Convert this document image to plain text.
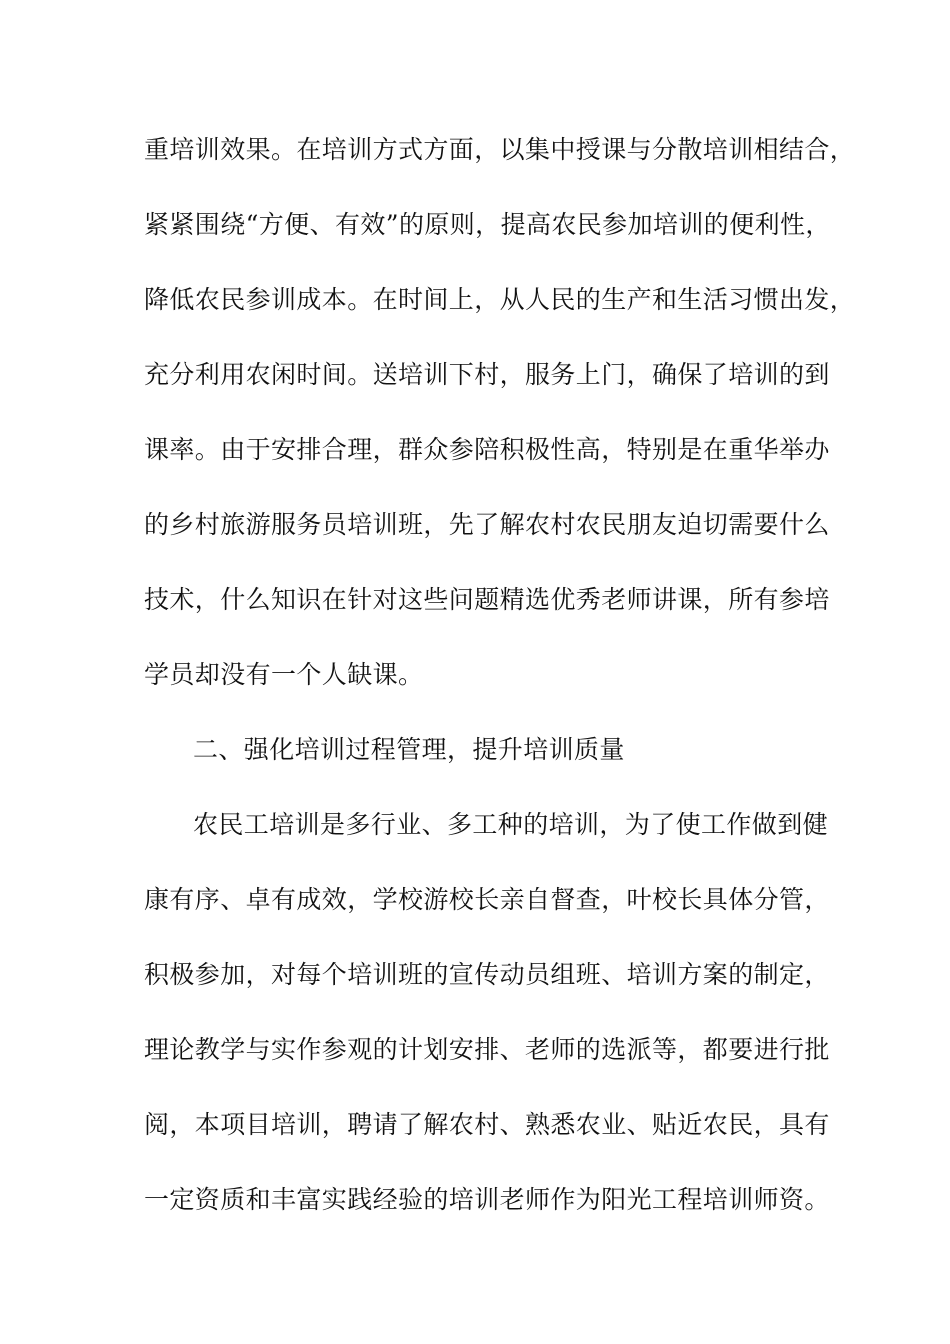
重培训效果。在培训方式方面，以集中授课与分散培训相结合，
紧紧围绕“方便、有效”的原则，提高农民参加培训的便利性，
降低农民参训成本。在时间上，从人民的生产和生活习惯出发，
充分利用农闲时间。送培训下村，服务上门，确保了培训的到
课率。由于安排合理，群众参陪积极性高，特别是在重华举办
的乡村旅游服务员培训班，先了解农村农民朋友迫切需要什么
技术，什么知识在针对这些问题精选优秀老师讲课，所有参培
学员却没有一个人缺课。
二、强化培训过程管理，提升培训质量
农民工培训是多行业、多工种的培训，为了使工作做到健
康有序、卓有成效，学校游校长亲自督查，叶校长具体分管，
积极参加，对每个培训班的宣传动员组班、培训方案的制定，
理论教学与实作参观的计划安排、老师的选派等，都要进行批
阅，本项目培训，聘请了解农村、熟悉农业、贴近农民，具有
一定资质和丰富实践经验的培训老师作为阳光工程培训师资。
